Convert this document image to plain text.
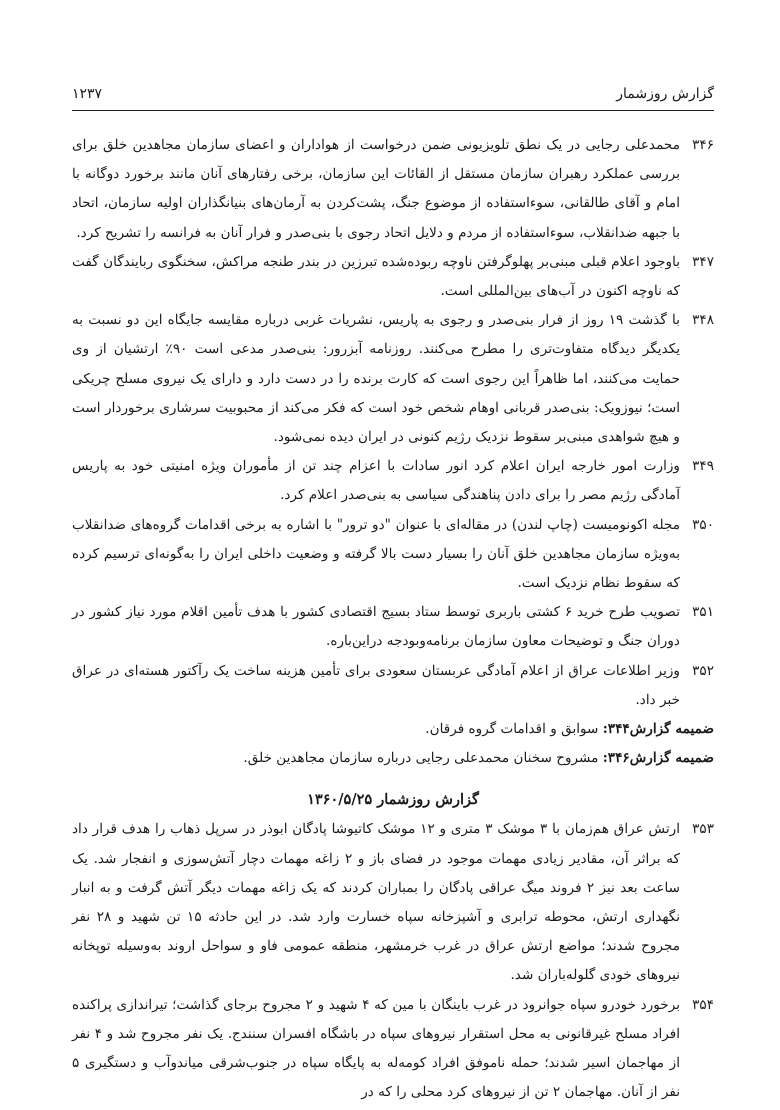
گزارش روزشمار
۱۲۳۷
۳۴۶
محمدعلی رجایی در یک نطق تلویزیونی ضمن درخواست از هواداران و اعضای سازمان مجاهدین خلق برای بررسی عملکرد رهبران سازمان مستقل از القائات این سازمان، برخی رفتارهای آنان مانند برخورد دوگانه با امام و آقای طالقانی، سوءاستفاده از موضوع جنگ، پشت‌کردن به آرمان‌های بنیانگذاران اولیه سازمان، اتحاد با جبهه ضدانقلاب، سوءاستفاده از مردم و دلایل اتحاد رجوی با بنی‌صدر و فرار آنان به فرانسه را تشریح کرد.
۳۴۷
باوجود اعلام قبلی مبنی‌بر پهلوگرفتن ناوچه ربوده‌شده تبرزین در بندر طنجه مراکش، سخنگوی ربایندگان گفت که ناوچه اکنون در آب‌های بین‌المللی است.
۳۴۸
با گذشت ۱۹ روز از فرار بنی‌صدر و رجوی به پاریس، نشریات غربی درباره مقایسه جایگاه این دو نسبت به یکدیگر دیدگاه متفاوت‌تری را مطرح می‌کنند. روزنامه آبزرور: بنی‌صدر مدعی است ۹۰٪ ارتشیان از وی حمایت می‌کنند، اما ظاهراً این رجوی است که کارت برنده را در دست دارد و دارای یک نیروی مسلح چریکی است؛ نیوزویک: بنی‌صدر قربانی اوهام شخص خود است که فکر می‌کند از محبوبیت سرشاری برخوردار است و هیچ شواهدی مبنی‌بر سقوط نزدیک رژیم کنونی در ایران دیده نمی‌شود.
۳۴۹
وزارت امور خارجه ایران اعلام کرد انور سادات با اعزام چند تن از مأموران ویژه امنیتی خود به پاریس آمادگی رژیم مصر را برای دادن پناهندگی سیاسی به بنی‌صدر اعلام کرد.
۳۵۰
مجله اکونومیست (چاپ لندن) در مقاله‌ای با عنوان "دو ترور" با اشاره به برخی اقدامات گروه‌های ضدانقلاب به‌ویژه سازمان مجاهدین خلق آنان را بسیار دست بالا گرفته و وضعیت داخلی ایران را به‌گونه‌ای ترسیم کرده که سقوط نظام نزدیک است.
۳۵۱
تصویب طرح خرید ۶ کشتی باربری توسط ستاد بسیج اقتصادی کشور با هدف تأمین اقلام مورد نیاز کشور در دوران جنگ و توضیحات معاون سازمان برنامه‌وبودجه دراین‌باره.
۳۵۲
وزیر اطلاعات عراق از اعلام آمادگی عربستان سعودی برای تأمین هزینه ساخت یک رآکتور هسته‌ای در عراق خبر داد.
ضمیمه گزارش۳۴۴: سوابق و اقدامات گروه فرقان.
ضمیمه گزارش۳۴۶: مشروح سخنان محمدعلی رجایی درباره سازمان مجاهدین خلق.
گزارش روزشمار ۱۳۶۰/۵/۲۵
۳۵۳
ارتش عراق هم‌زمان با ۳ موشک ۳ متری و ۱۲ موشک کاتیوشا پادگان ابوذر در سرپل ذهاب را هدف قرار داد که براثر آن، مقادیر زیادی مهمات موجود در فضای باز و ۲ زاغه مهمات دچار آتش‌سوزی و انفجار شد. یک ساعت بعد نیز ۲ فروند میگ عراقی پادگان را بمباران کردند که یک زاغه مهمات دیگر آتش گرفت و به انبار نگهداری ارتش، محوطه ترابری و آشپزخانه سپاه خسارت وارد شد. در این حادثه ۱۵ تن شهید و ۲۸ نفر مجروح شدند؛ مواضع ارتش عراق در غرب خرمشهر، منطقه عمومی فاو و سواحل اروند به‌وسیله توپخانه نیروهای خودی گلوله‌باران شد.
۳۵۴
برخورد خودرو سپاه جوانرود در غرب باینگان با مین که ۴ شهید و ۲ مجروح برجای گذاشت؛ تیراندازی پراکنده افراد مسلح غیرقانونی به محل استقرار نیروهای سپاه در باشگاه افسران سنندج. یک نفر مجروح شد و ۴ نفر از مهاجمان اسیر شدند؛ حمله ناموفق افراد کومه‌له به پایگاه سپاه در جنوب‌شرقی میاندوآب و دستگیری ۵ نفر از آنان. مهاجمان ۲ تن از نیروهای کرد محلی را که در
